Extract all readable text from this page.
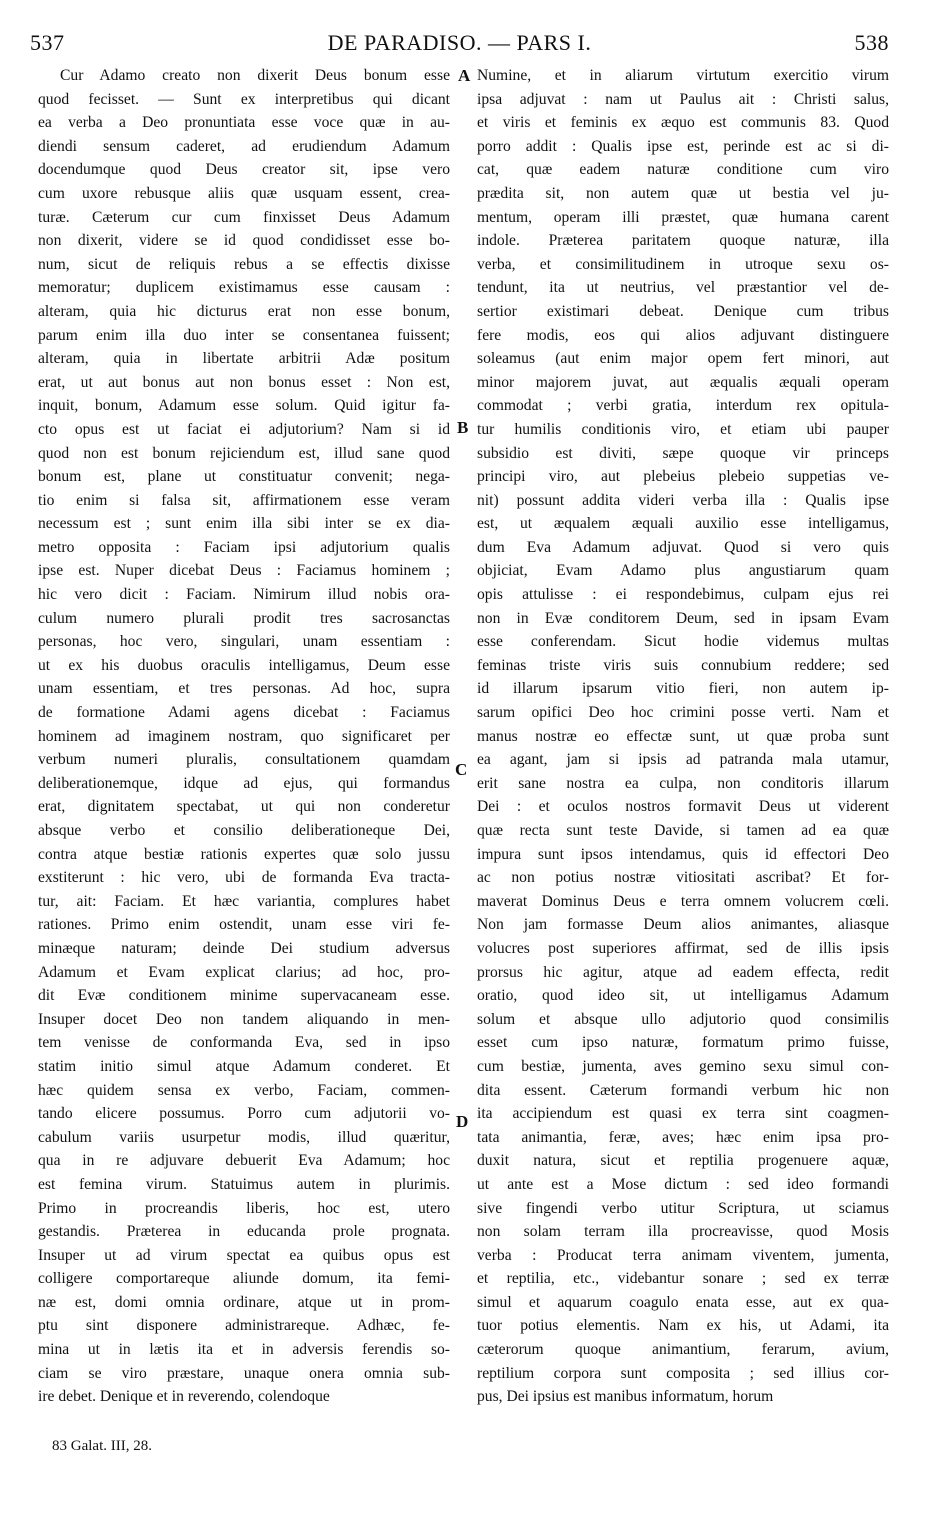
537	DE PARADISO. — PARS I.	538
Cur Adamo creato non dixerit Deus bonum esse
quod fecisset. — Sunt ex interpretibus qui dicant
ea verba a Deo pronuntiata esse voce quæ in au-
diendi sensum caderet, ad erudiendum Adamum
docendumque quod Deus creator sit, ipse vero
cum uxore rebusque aliis quæ usquam essent, crea-
turæ. Cæterum cur cum finxisset Deus Adamum
non dixerit, videre se id quod condidisset esse bo-
num, sicut de reliquis rebus a se effectis dixisse
memoratur; duplicem existimamus esse causam :
alteram, quia hic dicturus erat non esse bonum,
parum enim illa duo inter se consentanea fuissent;
alteram, quia in libertate arbitrii Adæ positum
erat, ut aut bonus aut non bonus esset : Non est,
inquit, bonum, Adamum esse solum. Quid igitur fa-
cto opus est ut faciat ei adjutorium? Nam si id
quod non est bonum rejiciendum est, illud sane quod
bonum est, plane ut constituatur convenit; nega-
tio enim si falsa sit, affirmationem esse veram
necessum est ; sunt enim illa sibi inter se ex dia-
metro opposita : Faciam ipsi adjutorium qualis
ipse est. Nuper dicebat Deus : Faciamus hominem ;
hic vero dicit : Faciam. Nimirum illud nobis ora-
culum numero plurali prodit tres sacrosanctas
personas, hoc vero, singulari, unam essentiam :
ut ex his duobus oraculis intelligamus, Deum esse
unam essentiam, et tres personas. Ad hoc, supra
de formatione Adami agens dicebat : Faciamus
hominem ad imaginem nostram, quo significaret per
verbum numeri pluralis, consultationem quamdam
deliberationemque, idque ad ejus, qui formandus
erat, dignitatem spectabat, ut qui non conderetur
absque verbo et consilio deliberationeque Dei,
contra atque bestiæ rationis expertes quæ solo jussu
exstiterunt : hic vero, ubi de formanda Eva tracta-
tur, ait: Faciam. Et hæc variantia, complures habet
rationes. Primo enim ostendit, unam esse viri fe-
minæque naturam; deinde Dei studium adversus
Adamum et Evam explicat clarius; ad hoc, pro-
dit Evæ conditionem minime supervacaneam esse.
Insuper docet Deo non tandem aliquando in men-
tem venisse de conformanda Eva, sed in ipso
statim initio simul atque Adamum conderet. Et
hæc quidem sensa ex verbo, Faciam, commen-
tando elicere possumus. Porro cum adjutorii vo-
cabulum variis usurpetur modis, illud quæritur,
qua in re adjuvare debuerit Eva Adamum; hoc
est femina virum. Statuimus autem in plurimis.
Primo in procreandis liberis, hoc est, utero
gestandis. Præterea in educanda prole prognata.
Insuper ut ad virum spectat ea quibus opus est
colligere comportareque aliunde domum, ita femi-
næ est, domi omnia ordinare, atque ut in prom-
ptu sint disponere administrareque. Adhæc, fe-
mina ut in lætis ita et in adversis ferendis so-
ciam se viro præstare, unaque onera omnia sub-
ire debet. Denique et in reverendo, colendoque
Numine, et in aliarum virtutum exercitio virum
ipsa adjuvat : nam ut Paulus ait : Christi salus,
et viris et feminis ex æquo est communis 83. Quod
porro addit : Qualis ipse est, perinde est ac si di-
cat, quæ eadem naturæ conditione cum viro
prædita sit, non autem quæ ut bestia vel ju-
mentum, operam illi præstet, quæ humana carent
indole. Præterea paritatem quoque naturæ, illa
verba, et consimilitudinem in utroque sexu os-
tendunt, ita ut neutrius, vel præstantior vel de-
sertior existimari debeat. Denique cum tribus
fere modis, eos qui alios adjuvant distinguere
soleamus (aut enim major opem fert minori, aut
minor majorem juvat, aut æqualis æquali operam
commodat ; verbi gratia, interdum rex opitula-
tur humilis conditionis viro, et etiam ubi pauper
subsidio est diviti, sæpe quoque vir princeps
principi viro, aut plebeius plebeio suppetias ve-
nit) possunt addita videri verba illa : Qualis ipse
est, ut æqualem æquali auxilio esse intelligamus,
dum Eva Adamum adjuvat. Quod si vero quis
objiciat, Evam Adamo plus angustiarum quam
opis attulisse : ei respondebimus, culpam ejus rei
non in Evæ conditorem Deum, sed in ipsam Evam
esse conferendam. Sicut hodie videmus multas
feminas triste viris suis connubium reddere; sed
id illarum ipsarum vitio fieri, non autem ip-
sarum opifici Deo hoc crimini posse verti. Nam et
manus nostræ eo effectæ sunt, ut quæ proba sunt
ea agant, jam si ipsis ad patranda mala utamur,
erit sane nostra ea culpa, non conditoris illarum
Dei : et oculos nostros formavit Deus ut viderent
quæ recta sunt teste Davide, si tamen ad ea quæ
impura sunt ipsos intendamus, quis id effectori Deo
ac non potius nostræ vitiositati ascribat? Et for-
maverat Dominus Deus e terra omnem volucrem cœli.
Non jam formasse Deum alios animantes, aliasque
volucres post superiores affirmat, sed de illis ipsis
prorsus hic agitur, atque ad eadem effecta, redit
oratio, quod ideo sit, ut intelligamus Adamum
solum et absque ullo adjutorio quod consimilis
esset cum ipso naturæ, formatum primo fuisse,
cum bestiæ, jumenta, aves gemino sexu simul con-
dita essent. Cæterum formandi verbum hic non
ita accipiendum est quasi ex terra sint coagmen-
tata animantia, feræ, aves; hæc enim ipsa pro-
duxit natura, sicut et reptilia progenuere aquæ,
ut ante est a Mose dictum : sed ideo formandi
sive fingendi verbo utitur Scriptura, ut sciamus
non solam terram illa procreavisse, quod Mosis
verba : Producat terra animam viventem, jumenta,
et reptilia, etc., videbantur sonare ; sed ex terræ
simul et aquarum coagulo enata esse, aut ex qua-
tuor potius elementis. Nam ex his, ut Adami, ita
cæterorum quoque animantium, ferarum, avium,
reptilium corpora sunt composita ; sed illius cor-
pus, Dei ipsius est manibus informatum, horum
A
B
C
D
83 Galat. III, 28.
